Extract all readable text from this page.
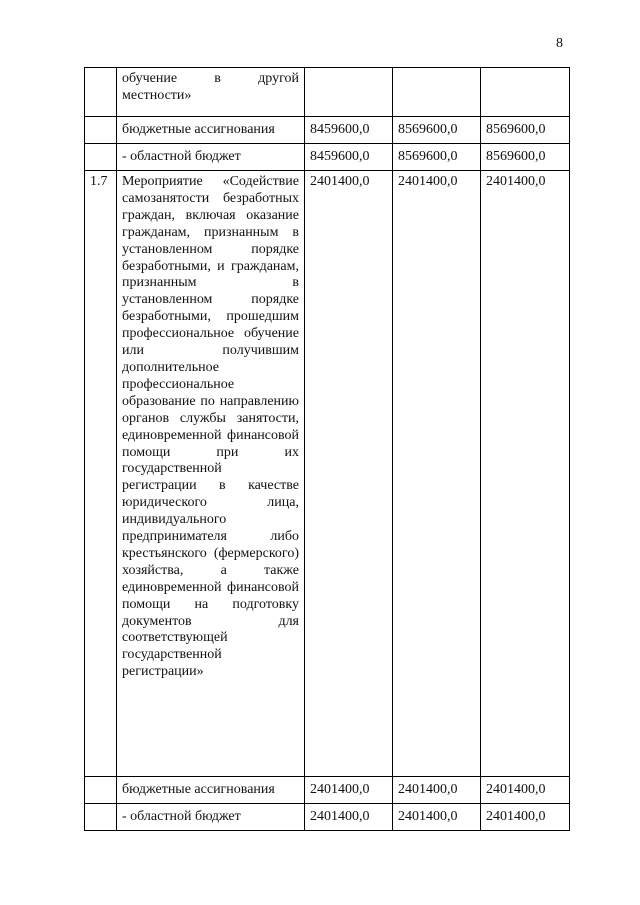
8
	обучение в другой местности»			
	бюджетные ассигнования	8459600,0	8569600,0	8569600,0
	- областной бюджет	8459600,0	8569600,0	8569600,0
1.7	Мероприятие «Содействие самозанятости безработных граждан, включая оказание гражданам, признанным в установленном порядке безработными, и гражданам, признанным в установленном порядке безработными, прошедшим профессиональное обучение или получившим дополнительное профессиональное образование по направлению органов службы занятости, единовременной финансовой помощи при их государственной регистрации в качестве юридического лица, индивидуального предпринимателя либо крестьянского (фермерского) хозяйства, а также единовременной финансовой помощи на подготовку документов для соответствующей государственной регистрации»	2401400,0	2401400,0	2401400,0
	бюджетные ассигнования	2401400,0	2401400,0	2401400,0
	- областной бюджет	2401400,0	2401400,0	2401400,0
